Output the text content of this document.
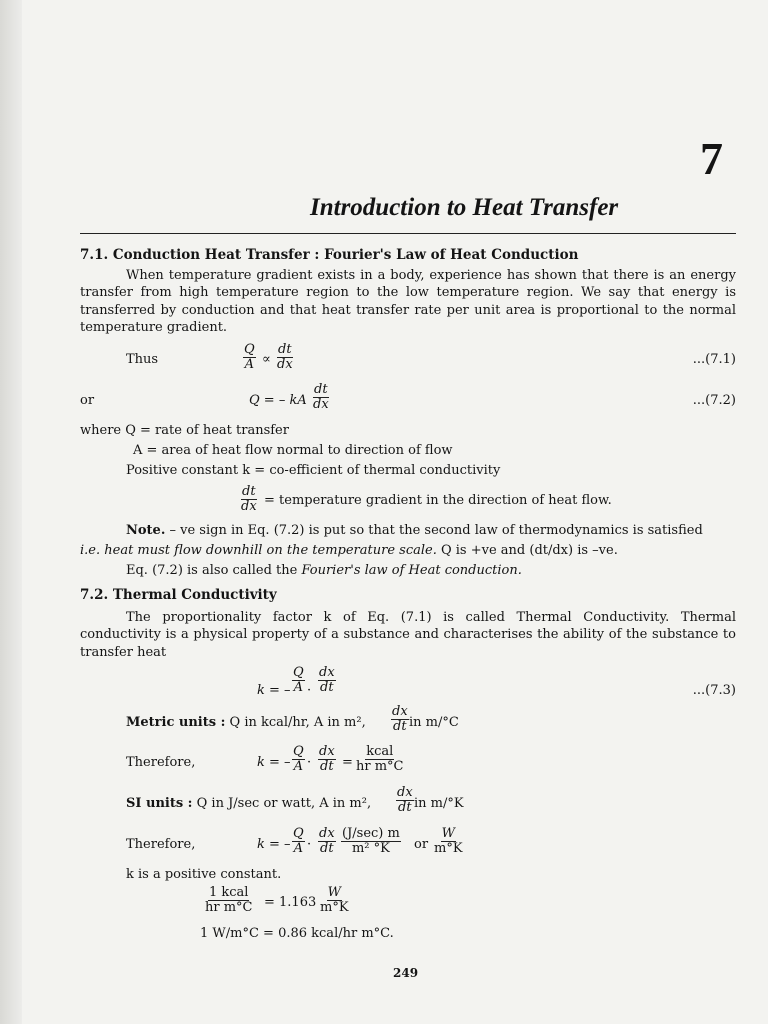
7
Introduction to Heat Transfer
7.1. Conduction Heat Transfer : Fourier's Law of Heat Conduction
When temperature gradient exists in a body, experience has shown that there is an energy transfer from high temperature region to the low temperature region. We say that energy is transferred by conduction and that heat transfer rate per unit area is proportional to the normal temperature gradient.
Thus	$\frac{Q}{A} \propto \frac{dt}{dx}$	...(7.1)
or	Q = – kA $\frac{dt}{dx}$	...(7.2)
where Q = rate of heat transfer
A = area of heat flow normal to direction of flow
Positive constant k = co-efficient of thermal conductivity
$\frac{dt}{dx}$ = temperature gradient in the direction of heat flow.
Note. – ve sign in Eq. (7.2) is put so that the second law of thermodynamics is satisfied
i.e. heat must flow downhill on the temperature scale. Q is +ve and (dt/dx) is –ve.
Eq. (7.2) is also called the Fourier's law of Heat conduction.
7.2. Thermal Conductivity
The proportionality factor k of Eq. (7.1) is called Thermal Conductivity. Thermal conductivity is a physical property of a substance and characterises the ability of the substance to transfer heat
k = – $\frac{Q}{A} \cdot \frac{dx}{dt}$	...(7.3)
Metric units : Q in kcal/hr, A in m², $\frac{dx}{dt}$ in m/°C
Therefore,	k = – $\frac{Q}{A} \cdot \frac{dx}{dt}$ =
kcal
hr m°C
SI units : Q in J/sec or watt, A in m², $\frac{dx}{dt}$ in m/°K
Therefore,	k = – $\frac{Q}{A} \cdot \frac{dx}{dt} (J/\sec)$ m
m² °K or $\frac{W}{m^\circ K}$
k is a positive constant.
1 kcal
hr $m^\circ C = 1.163 \frac{W}{m^\circ K}$
1 W/m°C = 0.86 kcal/hr m°C.
249
